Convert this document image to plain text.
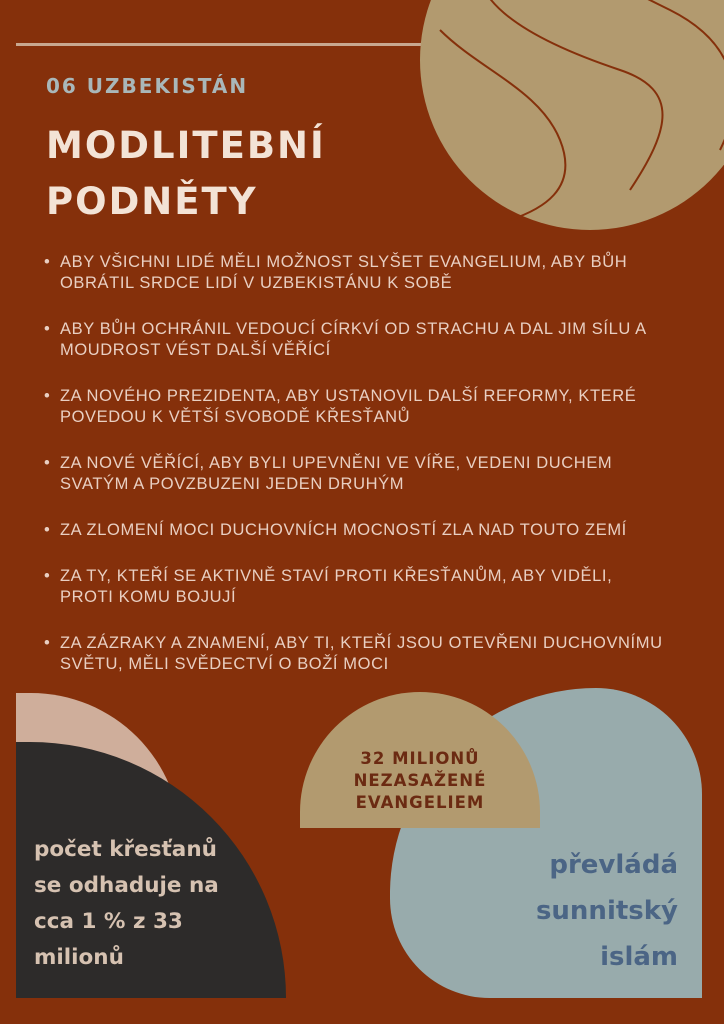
06 UZBEKISTÁN

MODLITEBNÍ
PODNĚTY
• ABY VŠICHNI LIDÉ MĚLI MOŽNOST SLYŠET EVANGELIUM, ABY BŮH OBRÁTIL SRDCE LIDÍ V UZBEKISTÁNU K SOBĚ
• ABY BŮH OCHRÁNIL VEDOUCÍ CÍRKVÍ OD STRACHU A DAL JIM SÍLU A MOUDROST VÉST DALŠÍ VĚŘÍCÍ
• ZA NOVÉHO PREZIDENTA, ABY USTANOVIL DALŠÍ REFORMY, KTERÉ POVEDOU K VĚTŠÍ SVOBODĚ KŘESŤANŮ
• ZA NOVÉ VĚŘÍCÍ, ABY BYLI UPEVNĚNI VE VÍŘE, VEDENI DUCHEM SVATÝM A POVZBUZENI JEDEN DRUHÝM
• ZA ZLOMENÍ MOCI DUCHOVNÍCH MOCNOSTÍ ZLA NAD TOUTO ZEMÍ
• ZA TY, KTEŘÍ SE AKTIVNĚ STAVÍ PROTI KŘESŤANŮM, ABY VIDĚLI, PROTI KOMU BOJUJÍ
• ZA ZÁZRAKY A ZNAMENÍ, ABY TI, KTEŘÍ JSOU OTEVŘENI DUCHOVNÍMU SVĚTU, MĚLI SVĚDECTVÍ O BOŽÍ MOCI

32 MILIONŮ
NEZASAŽENÉ
EVANGELIEM

počet křesťanů
se odhaduje na
cca 1 % z 33
milionů

převládá
sunnitský
islám
